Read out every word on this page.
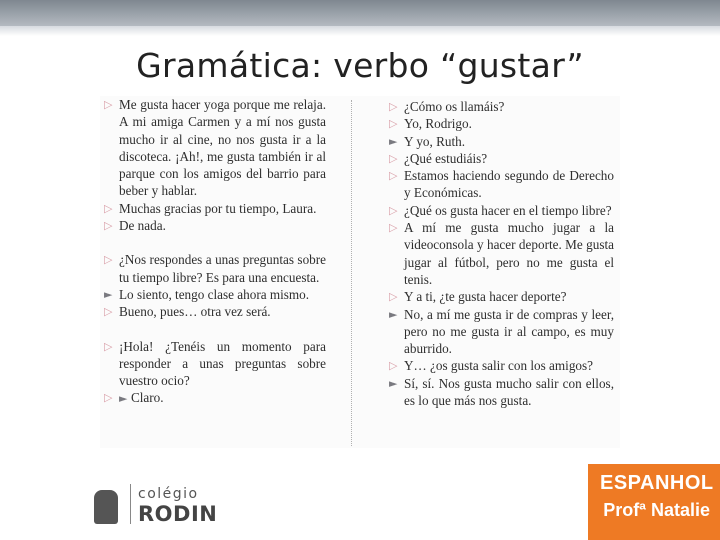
Gramática: verbo “gustar”
▷ Me gusta hacer yoga porque me relaja. A mi amiga Carmen y a mí nos gusta mucho ir al cine, no nos gusta ir a la discoteca. ¡Ah!, me gusta también ir al parque con los amigos del barrio para beber y hablar.
▷ Muchas gracias por tu tiempo, Laura.
▷ De nada.
▷ ¿Nos respondes a unas preguntas sobre tu tiempo libre? Es para una encuesta.
► Lo siento, tengo clase ahora mismo.
▷ Bueno, pues… otra vez será.
▷ ¡Hola! ¿Tenéis un momento para responder a unas preguntas sobre vuestro ocio?
▷ ► Claro.
▷ ¿Cómo os llamáis?
▷ Yo, Rodrigo.
► Y yo, Ruth.
▷ ¿Qué estudiáis?
▷ Estamos haciendo segundo de Derecho y Económicas.
▷ ¿Qué os gusta hacer en el tiempo libre?
▷ A mí me gusta mucho jugar a la videoconsola y hacer deporte. Me gusta jugar al fútbol, pero no me gusta el tenis.
▷ Y a ti, ¿te gusta hacer deporte?
► No, a mí me gusta ir de compras y leer, pero no me gusta ir al campo, es muy aburrido.
▷ Y… ¿os gusta salir con los amigos?
► Sí, sí. Nos gusta mucho salir con ellos, es lo que más nos gusta.
colégio
RODIN
ESPANHOL
Profª Natalie
